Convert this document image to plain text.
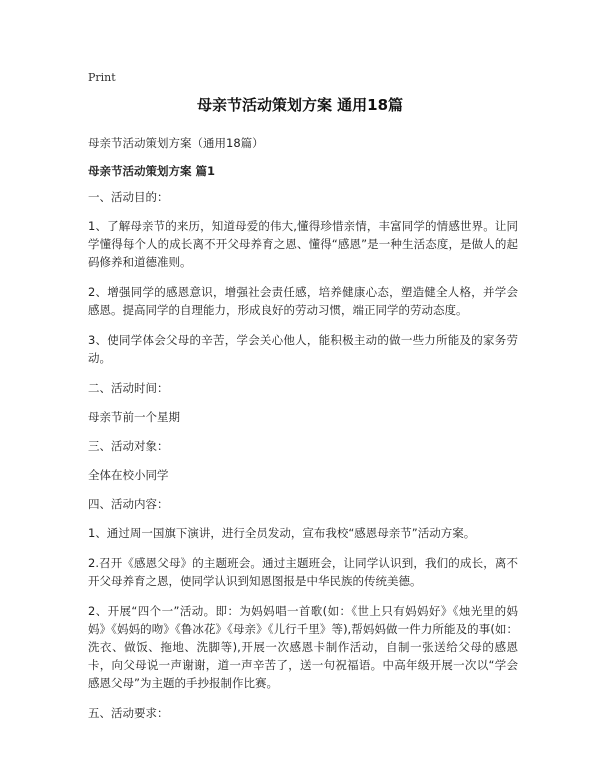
Print
母亲节活动策划方案 通用18篇

母亲节活动策划方案（通用18篇）

母亲节活动策划方案 篇1

一、活动目的：

1、了解母亲节的来历，知道母爱的伟大,懂得珍惜亲情，丰富同学的情感世界。让同学懂得每个人的成长离不开父母养育之恩、懂得“感恩”是一种生活态度，是做人的起码修养和道德准则。

2、增强同学的感恩意识，增强社会责任感，培养健康心态，塑造健全人格，并学会感恩。提高同学的自理能力，形成良好的劳动习惯，端正同学的劳动态度。

3、使同学体会父母的辛苦，学会关心他人，能积极主动的做一些力所能及的家务劳动。

二、活动时间：

母亲节前一个星期

三、活动对象：

全体在校小同学

四、活动内容：

1、通过周一国旗下演讲，进行全员发动，宣布我校“感恩母亲节”活动方案。

2.召开《感恩父母》的主题班会。通过主题班会，让同学认识到，我们的成长，离不开父母养育之恩，使同学认识到知恩图报是中华民族的传统美德。

2、开展“四个一”活动。即：为妈妈唱一首歌(如：《世上只有妈妈好》《烛光里的妈妈》《妈妈的吻》《鲁冰花》《母亲》《儿行千里》等),帮妈妈做一件力所能及的事(如：洗衣、做饭、拖地、洗脚等),开展一次感恩卡制作活动，自制一张送给父母的感恩卡，向父母说一声谢谢，道一声辛苦了，送一句祝福语。中高年级开展一次以“学会感恩父母”为主题的手抄报制作比赛。

五、活动要求：
